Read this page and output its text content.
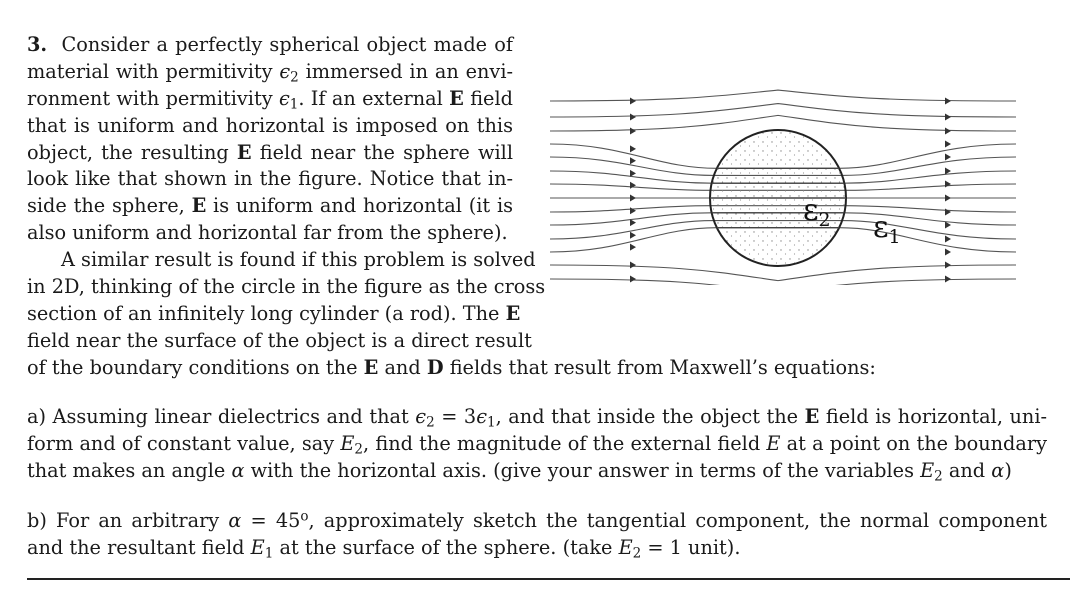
3. Consider a perfectly spherical object made of
material with permitivity $\epsilon_2$ immersed in an envi-
ronment with permitivity $\epsilon_1$. If an external E field
that is uniform and horizontal is imposed on this
object, the resulting E field near the sphere will
look like that shown in the figure. Notice that in-
side the sphere, E is uniform and horizontal (it is
also uniform and horizontal far from the sphere).
A similar result is found if this problem is solved
in 2D, thinking of the circle in the figure as the cross
section of an infinitely long cylinder (a rod). The E
field near the surface of the object is a direct result
of the boundary conditions on the E and D fields that result from Maxwell’s equations:
$\varepsilon_2$ $\varepsilon_1$

a) Assuming linear dielectrics and that $\epsilon_2 = 3\epsilon_1$, and that inside the object the E field is horizontal, uni-form and of constant value, say $E_2$, find the magnitude of the external field E at a point on the boundary that makes an angle α with the horizontal axis. (give your answer in terms of the variables $E_2$ and α)

b) For an arbitrary $\alpha = 45^o$, approximately sketch the tangential component, the normal component and the resultant field $E_1$ at the surface of the sphere. (take $E_2 = 1$ unit).
